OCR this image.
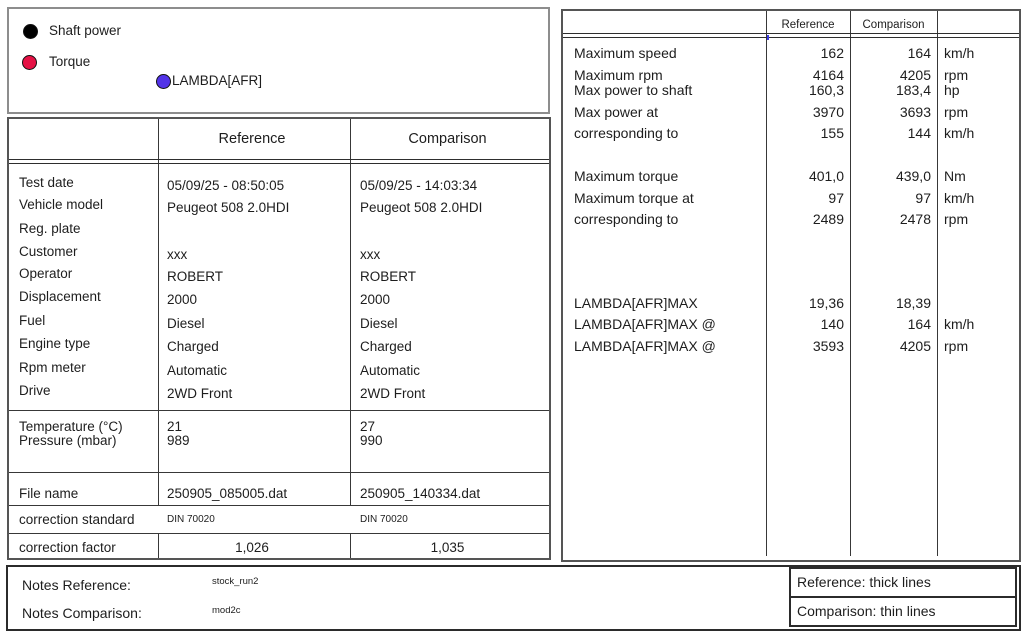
Shaft power
Torque
LAMBDA[AFR]
Reference	Comparison
Test date	05/09/25 - 08:50:05	05/09/25 - 14:03:34
Vehicle model	Peugeot 508 2.0HDI	Peugeot 508 2.0HDI
Reg. plate
Customer	xxx	xxx
Operator	ROBERT	ROBERT
Displacement	2000	2000
Fuel	Diesel	Diesel
Engine type	Charged	Charged
Rpm meter	Automatic	Automatic
Drive	2WD Front	2WD Front
Temperature (°C)	21	27
Pressure (mbar)	989	990
File name	250905_085005.dat	250905_140334.dat
correction standard	DIN 70020	DIN 70020
correction factor	1,026	1,035
Reference	Comparison
Maximum speed	162	164 km/h
Maximum rpm	4164	4205 rpm
Max power to shaft	160,3	183,4 hp
Max power at	3970	3693 rpm
corresponding to	155	144 km/h
Maximum torque	401,0	439,0 Nm
Maximum torque at	97	97 km/h
corresponding to	2489	2478 rpm
LAMBDA[AFR]MAX	19,36	18,39
LAMBDA[AFR]MAX @	140	164 km/h
LAMBDA[AFR]MAX @	3593	4205 rpm
Notes Reference:	stock_run2
Notes Comparison:	mod2c
Reference: thick lines
Comparison: thin lines
